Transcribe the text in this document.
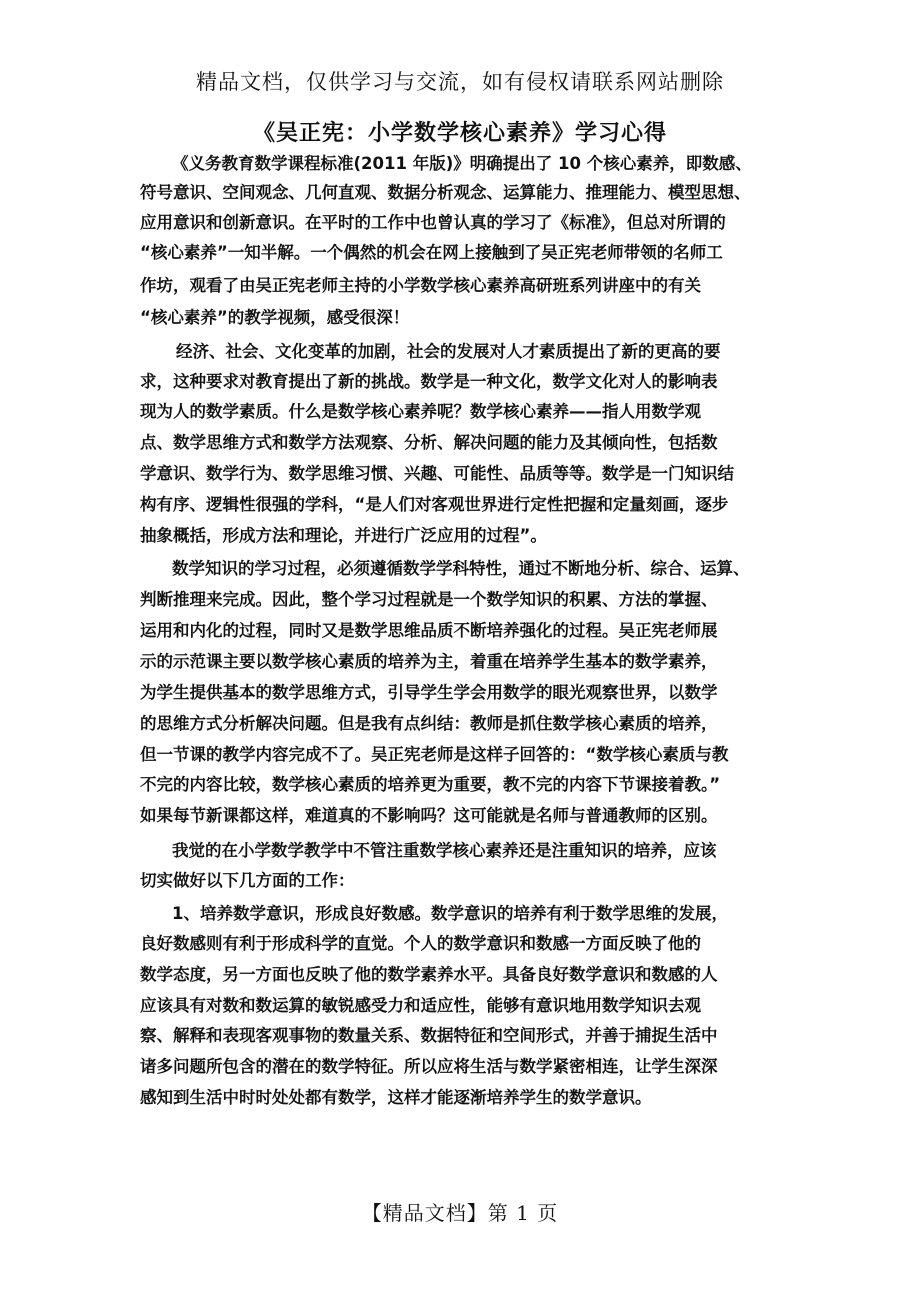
精品文档，仅供学习与交流，如有侵权请联系网站删除
《吴正宪：小学数学核心素养》学习心得
《义务教育数学课程标准(2011 年版)》明确提出了 10 个核心素养，即数感、
符号意识、空间观念、几何直观、数据分析观念、运算能力、推理能力、模型思想、
应用意识和创新意识。在平时的工作中也曾认真的学习了《标准》，但总对所谓的
“核心素养”一知半解。一个偶然的机会在网上接触到了吴正宪老师带领的名师工
作坊，观看了由吴正宪老师主持的小学数学核心素养高研班系列讲座中的有关
“核心素养”的教学视频，感受很深！
经济、社会、文化变革的加剧，社会的发展对人才素质提出了新的更高的要
求，这种要求对教育提出了新的挑战。数学是一种文化，数学文化对人的影响表
现为人的数学素质。什么是数学核心素养呢？数学核心素养——指人用数学观
点、数学思维方式和数学方法观察、分析、解决问题的能力及其倾向性，包括数
学意识、数学行为、数学思维习惯、兴趣、可能性、品质等等。数学是一门知识结
构有序、逻辑性很强的学科，“是人们对客观世界进行定性把握和定量刻画，逐步
抽象概括，形成方法和理论，并进行广泛应用的过程”。
数学知识的学习过程，必须遵循数学学科特性，通过不断地分析、综合、运算、
判断推理来完成。因此，整个学习过程就是一个数学知识的积累、方法的掌握、
运用和内化的过程，同时又是数学思维品质不断培养强化的过程。吴正宪老师展
示的示范课主要以数学核心素质的培养为主，着重在培养学生基本的数学素养，
为学生提供基本的数学思维方式，引导学生学会用数学的眼光观察世界，以数学
的思维方式分析解决问题。但是我有点纠结：教师是抓住数学核心素质的培养，
但一节课的教学内容完成不了。吴正宪老师是这样子回答的：“数学核心素质与教
不完的内容比较，数学核心素质的培养更为重要，教不完的内容下节课接着教。”
如果每节新课都这样，难道真的不影响吗？这可能就是名师与普通教师的区别。
我觉的在小学数学教学中不管注重数学核心素养还是注重知识的培养，应该
切实做好以下几方面的工作：
1、培养数学意识，形成良好数感。数学意识的培养有利于数学思维的发展，
良好数感则有利于形成科学的直觉。个人的数学意识和数感一方面反映了他的
数学态度，另一方面也反映了他的数学素养水平。具备良好数学意识和数感的人
应该具有对数和数运算的敏锐感受力和适应性，能够有意识地用数学知识去观
察、解释和表现客观事物的数量关系、数据特征和空间形式，并善于捕捉生活中
诸多问题所包含的潜在的数学特征。所以应将生活与数学紧密相连，让学生深深
感知到生活中时时处处都有数学，这样才能逐渐培养学生的数学意识。
【精品文档】第 1 页
